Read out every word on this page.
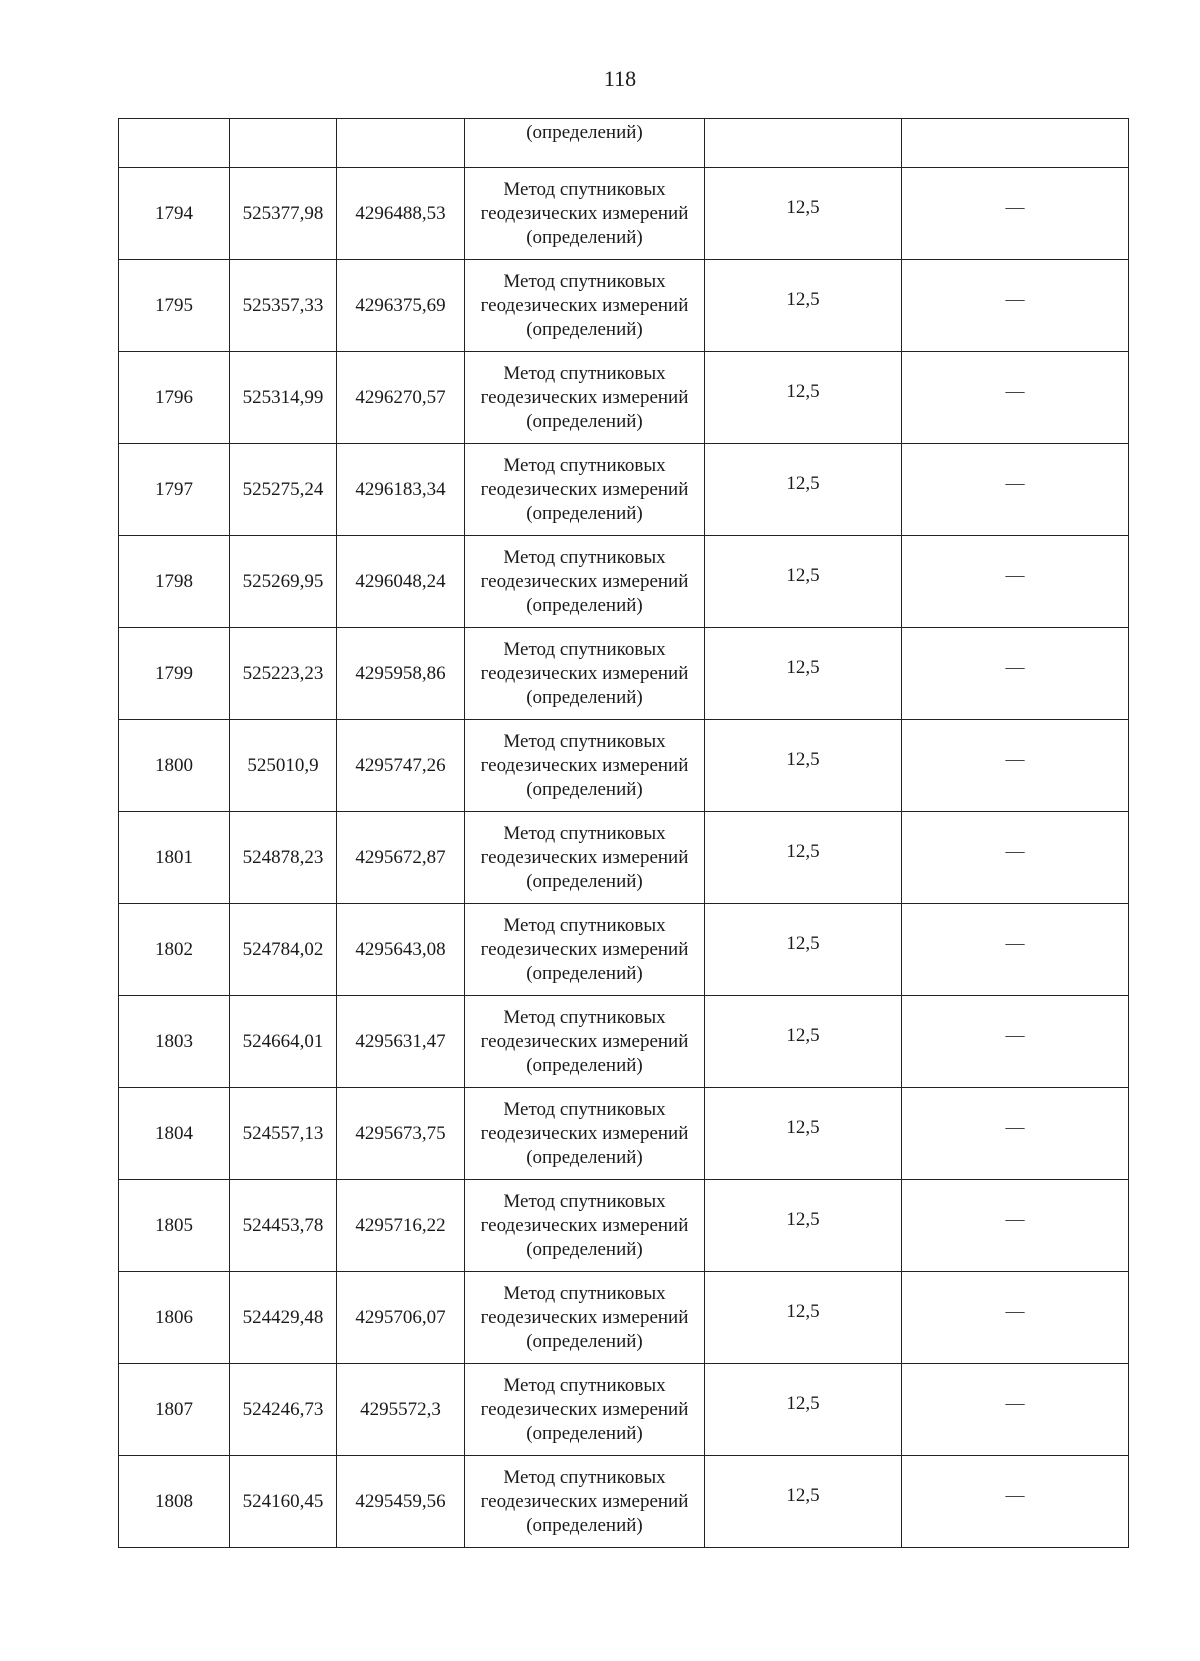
118
			(определений)		
1794	525377,98	4296488,53	Метод спутниковых
геодезических измерений
(определений)	12,5	—
1795	525357,33	4296375,69	Метод спутниковых
геодезических измерений
(определений)	12,5	—
1796	525314,99	4296270,57	Метод спутниковых
геодезических измерений
(определений)	12,5	—
1797	525275,24	4296183,34	Метод спутниковых
геодезических измерений
(определений)	12,5	—
1798	525269,95	4296048,24	Метод спутниковых
геодезических измерений
(определений)	12,5	—
1799	525223,23	4295958,86	Метод спутниковых
геодезических измерений
(определений)	12,5	—
1800	525010,9	4295747,26	Метод спутниковых
геодезических измерений
(определений)	12,5	—
1801	524878,23	4295672,87	Метод спутниковых
геодезических измерений
(определений)	12,5	—
1802	524784,02	4295643,08	Метод спутниковых
геодезических измерений
(определений)	12,5	—
1803	524664,01	4295631,47	Метод спутниковых
геодезических измерений
(определений)	12,5	—
1804	524557,13	4295673,75	Метод спутниковых
геодезических измерений
(определений)	12,5	—
1805	524453,78	4295716,22	Метод спутниковых
геодезических измерений
(определений)	12,5	—
1806	524429,48	4295706,07	Метод спутниковых
геодезических измерений
(определений)	12,5	—
1807	524246,73	4295572,3	Метод спутниковых
геодезических измерений
(определений)	12,5	—
1808	524160,45	4295459,56	Метод спутниковых
геодезических измерений
(определений)	12,5	—
